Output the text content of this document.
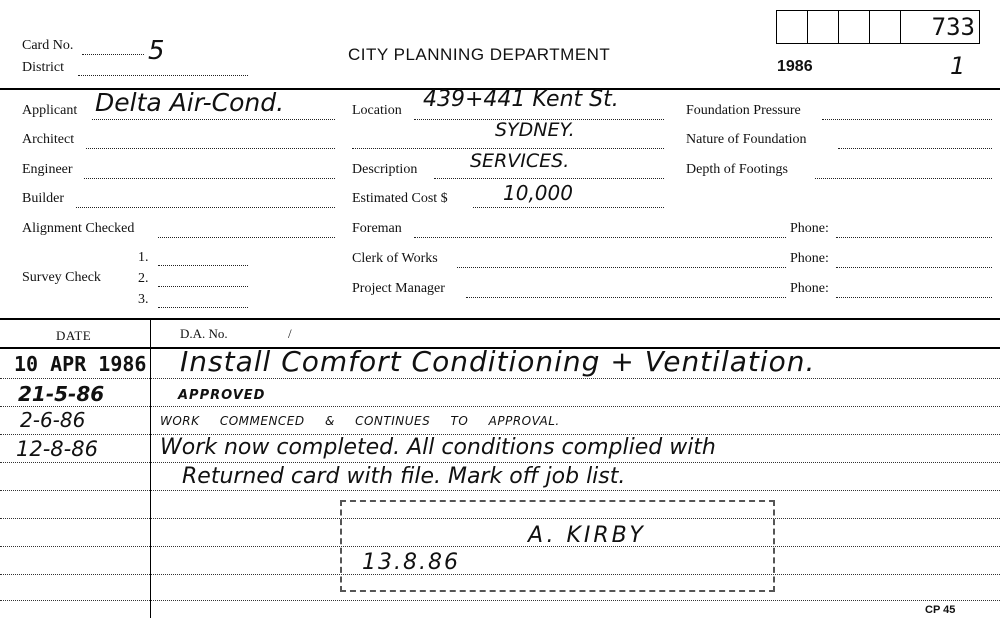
Card No.	5
District
CITY PLANNING DEPARTMENT
1986	1
733
Applicant Delta Air-Cond.
Architect
Engineer
Builder
Alignment Checked
Survey Check
1.
2.
3.
Location 439+441 Kent St.
SYDNEY.
Description	SERVICES.
Estimated Cost $	10,000
Foreman
Clerk of Works
Project Manager
Foundation Pressure
Nature of Foundation
Depth of Footings
Phone:
Phone:
Phone:
DATE	D.A. No.	/
10 APR 1986 Install Comfort Conditioning + Ventilation.
21-5-86	APPROVED
2-6-86	WORK COMMENCED & CONTINUES TO APPROVAL.
12-8-86	Work now completed. All conditions complied with
Returned card with file. Mark off job list.
A. KIRBY
13.8.86
CP 45
